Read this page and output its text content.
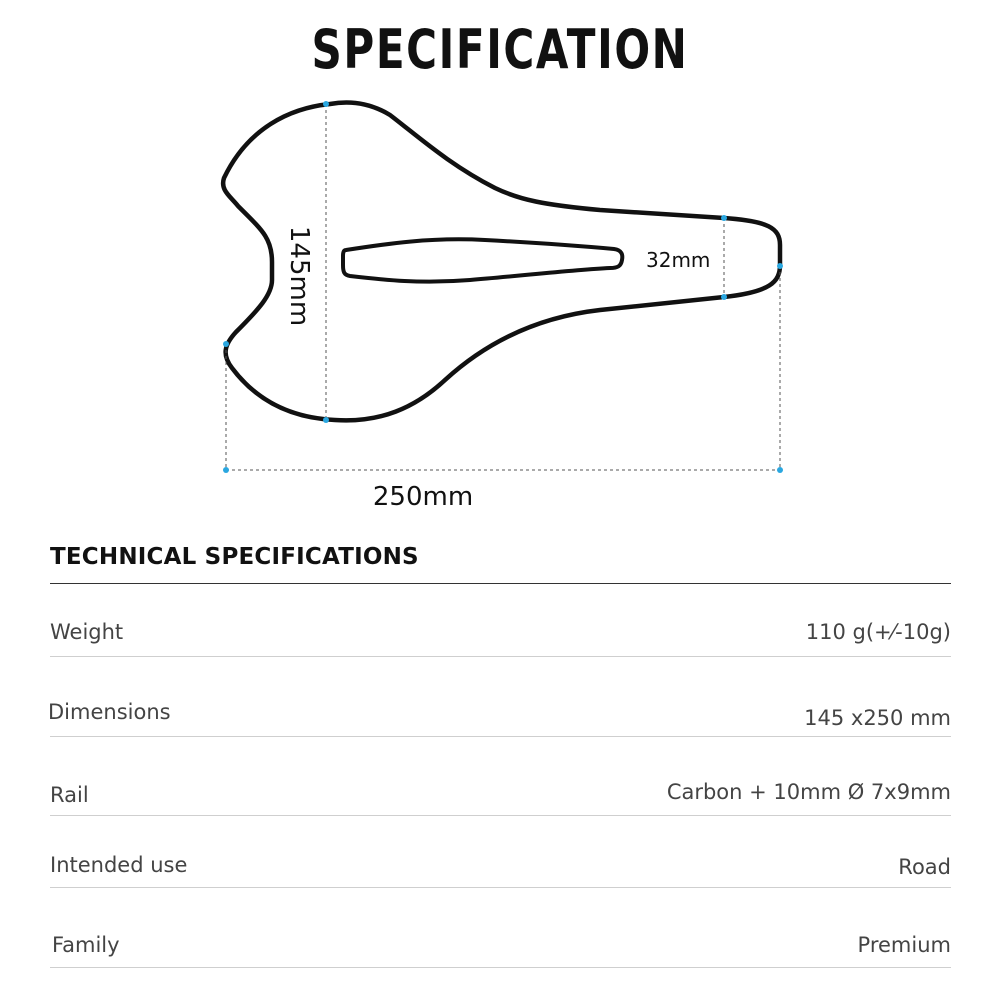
SPECIFICATION
145mm	32mm
250mm
TECHNICAL SPECIFICATIONS
Weight	110 g(+⁄-10g)
Dimensions	145 x250 mm
Rail	Carbon + 10mm Ø 7x9mm
Intended use	Road
Family	Premium
